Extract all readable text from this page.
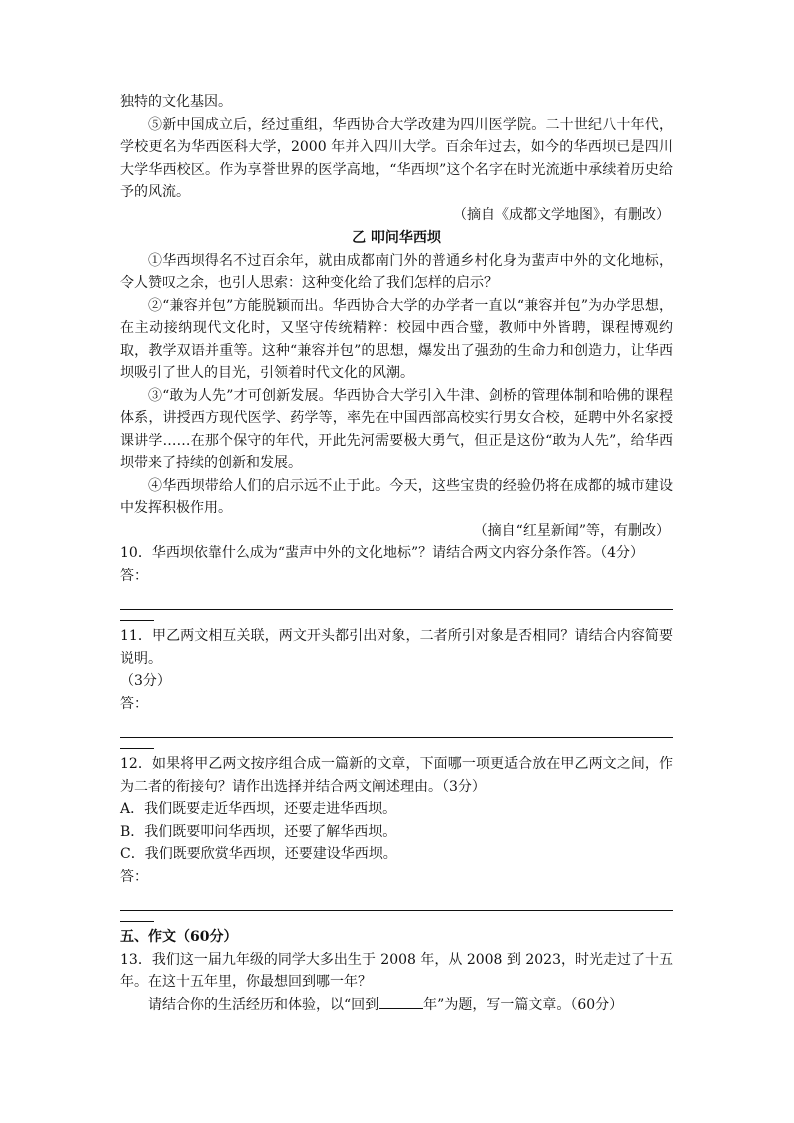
独特的文化基因。

⑤新中国成立后，经过重组，华西协合大学改建为四川医学院。二十世纪八十年代，学校更名为华西医科大学，2000 年并入四川大学。百余年过去，如今的华西坝已是四川大学华西校区。作为享誉世界的医学高地，“华西坝”这个名字在时光流逝中承续着历史给予的风流。

（摘自《成都文学地图》，有删改）

乙 叩问华西坝

①华西坝得名不过百余年，就由成都南门外的普通乡村化身为蜚声中外的文化地标，令人赞叹之余，也引人思索：这种变化给了我们怎样的启示？

②“兼容并包”方能脱颖而出。华西协合大学的办学者一直以“兼容并包”为办学思想，在主动接纳现代文化时，又坚守传统精粹：校园中西合璧，教师中外皆聘，课程博观约取，教学双语并重等。这种“兼容并包”的思想，爆发出了强劲的生命力和创造力，让华西坝吸引了世人的目光，引领着时代文化的风潮。

③“敢为人先”才可创新发展。华西协合大学引入牛津、剑桥的管理体制和哈佛的课程体系，讲授西方现代医学、药学等，率先在中国西部高校实行男女合校，延聘中外名家授课讲学……在那个保守的年代，开此先河需要极大勇气，但正是这份“敢为人先”，给华西坝带来了持续的创新和发展。

④华西坝带给人们的启示远不止于此。今天，这些宝贵的经验仍将在成都的城市建设中发挥积极作用。

（摘自“红星新闻”等，有删改）

10．华西坝依靠什么成为“蜚声中外的文化地标”？请结合两文内容分条作答。（4分）

答：

11．甲乙两文相互关联，两文开头都引出对象，二者所引对象是否相同？请结合内容简要说明。

（3分）

答：

12．如果将甲乙两文按序组合成一篇新的文章，下面哪一项更适合放在甲乙两文之间，作为二者的衔接句？请作出选择并结合两文阐述理由。（3分）

A．我们既要走近华西坝，还要走进华西坝。

B．我们既要叩问华西坝，还要了解华西坝。

C．我们既要欣赏华西坝，还要建设华西坝。

答：

五、作文（60分）

13．我们这一届九年级的同学大多出生于 2008 年，从 2008 到 2023，时光走过了十五年。在这十五年里，你最想回到哪一年？

请结合你的生活经历和体验，以“回到	年”为题，写一篇文章。（60分）
